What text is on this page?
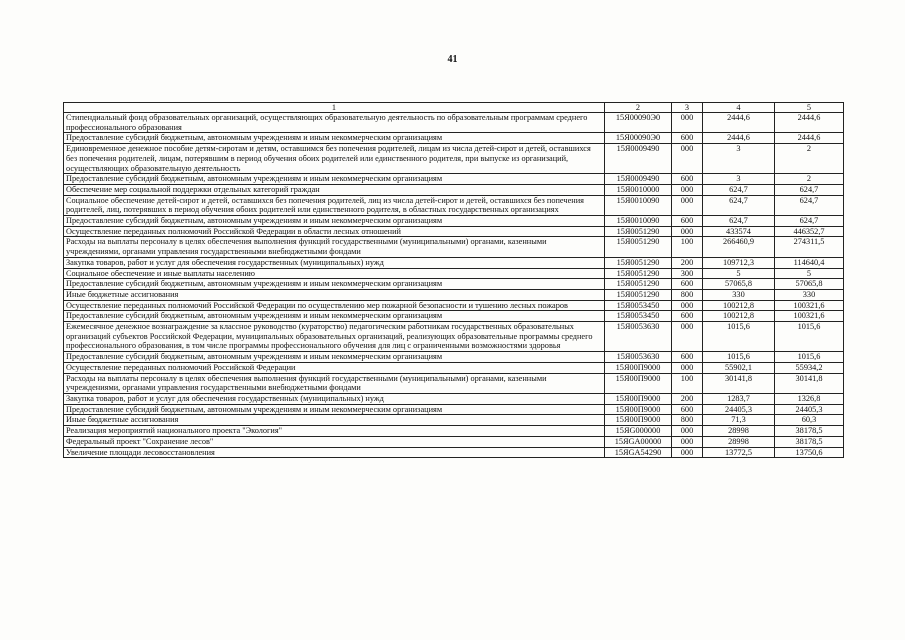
41
1	2	3	4	5
Стипендиальный фонд образовательных организаций, осуществляющих образовательную деятельность по образовательным программам среднего профессионального образования	15Я00090Э0	000	2444,6	2444,6
Предоставление субсидий бюджетным, автономным учреждениям и иным некоммерческим организациям	15Я00090Э0	600	2444,6	2444,6
Единовременное денежное пособие детям-сиротам и детям, оставшимся без попечения родителей, лицам из числа детей-сирот и детей, оставшихся без попечения родителей, лицам, потерявшим в период обучения обоих родителей или единственного родителя, при выпуске из организаций, осуществляющих образовательную деятельность	15Я0009490	000	3	2
Предоставление субсидий бюджетным, автономным учреждениям и иным некоммерческим организациям	15Я0009490	600	3	2
Обеспечение мер социальной поддержки отдельных категорий граждан	15Я0010000	000	624,7	624,7
Социальное обеспечение детей-сирот и детей, оставшихся без попечения родителей, лиц из числа детей-сирот и детей, оставшихся без попечения родителей, лиц, потерявших в период обучения обоих родителей или единственного родителя, в областных государственных организациях	15Я0010090	000	624,7	624,7
Предоставление субсидий бюджетным, автономным учреждениям и иным некоммерческим организациям	15Я0010090	600	624,7	624,7
Осуществление переданных полномочий Российской Федерации в области лесных отношений	15Я0051290	000	433574	446352,7
Расходы на выплаты персоналу в целях обеспечения выполнения функций государственными (муниципальными) органами, казенными учреждениями, органами управления государственными внебюджетными фондами	15Я0051290	100	266460,9	274311,5
Закупка товаров, работ и услуг для обеспечения государственных (муниципальных) нужд	15Я0051290	200	109712,3	114640,4
Социальное обеспечение и иные выплаты населению	15Я0051290	300	5	5
Предоставление субсидий бюджетным, автономным учреждениям и иным некоммерческим организациям	15Я0051290	600	57065,8	57065,8
Иные бюджетные ассигнования	15Я0051290	800	330	330
Осуществление переданных полномочий Российской Федерации по осуществлению мер пожарной безопасности и тушению лесных пожаров	15Я0053450	000	100212,8	100321,6
Предоставление субсидий бюджетным, автономным учреждениям и иным некоммерческим организациям	15Я0053450	600	100212,8	100321,6
Ежемесячное денежное вознаграждение за классное руководство (кураторство) педагогическим работникам государственных образовательных организаций субъектов Российской Федерации, муниципальных образовательных организаций, реализующих образовательные программы среднего профессионального образования, в том числе программы профессионального обучения для лиц с ограниченными возможностями здоровья	15Я0053630	000	1015,6	1015,6
Предоставление субсидий бюджетным, автономным учреждениям и иным некоммерческим организациям	15Я0053630	600	1015,6	1015,6
Осуществление переданных полномочий Российской Федерации	15Я00П9000	000	55902,1	55934,2
Расходы на выплаты персоналу в целях обеспечения выполнения функций государственными (муниципальными) органами, казенными учреждениями, органами управления государственными внебюджетными фондами	15Я00П9000	100	30141,8	30141,8
Закупка товаров, работ и услуг для обеспечения государственных (муниципальных) нужд	15Я00П9000	200	1283,7	1326,8
Предоставление субсидий бюджетным, автономным учреждениям и иным некоммерческим организациям	15Я00П9000	600	24405,3	24405,3
Иные бюджетные ассигнования	15Я00П9000	800	71,3	60,3
Реализация мероприятий национального проекта "Экология"	15ЯG000000	000	28998	38178,5
Федеральный проект "Сохранение лесов"	15ЯGA00000	000	28998	38178,5
Увеличение площади лесовосстановления	15ЯGA54290	000	13772,5	13750,6
